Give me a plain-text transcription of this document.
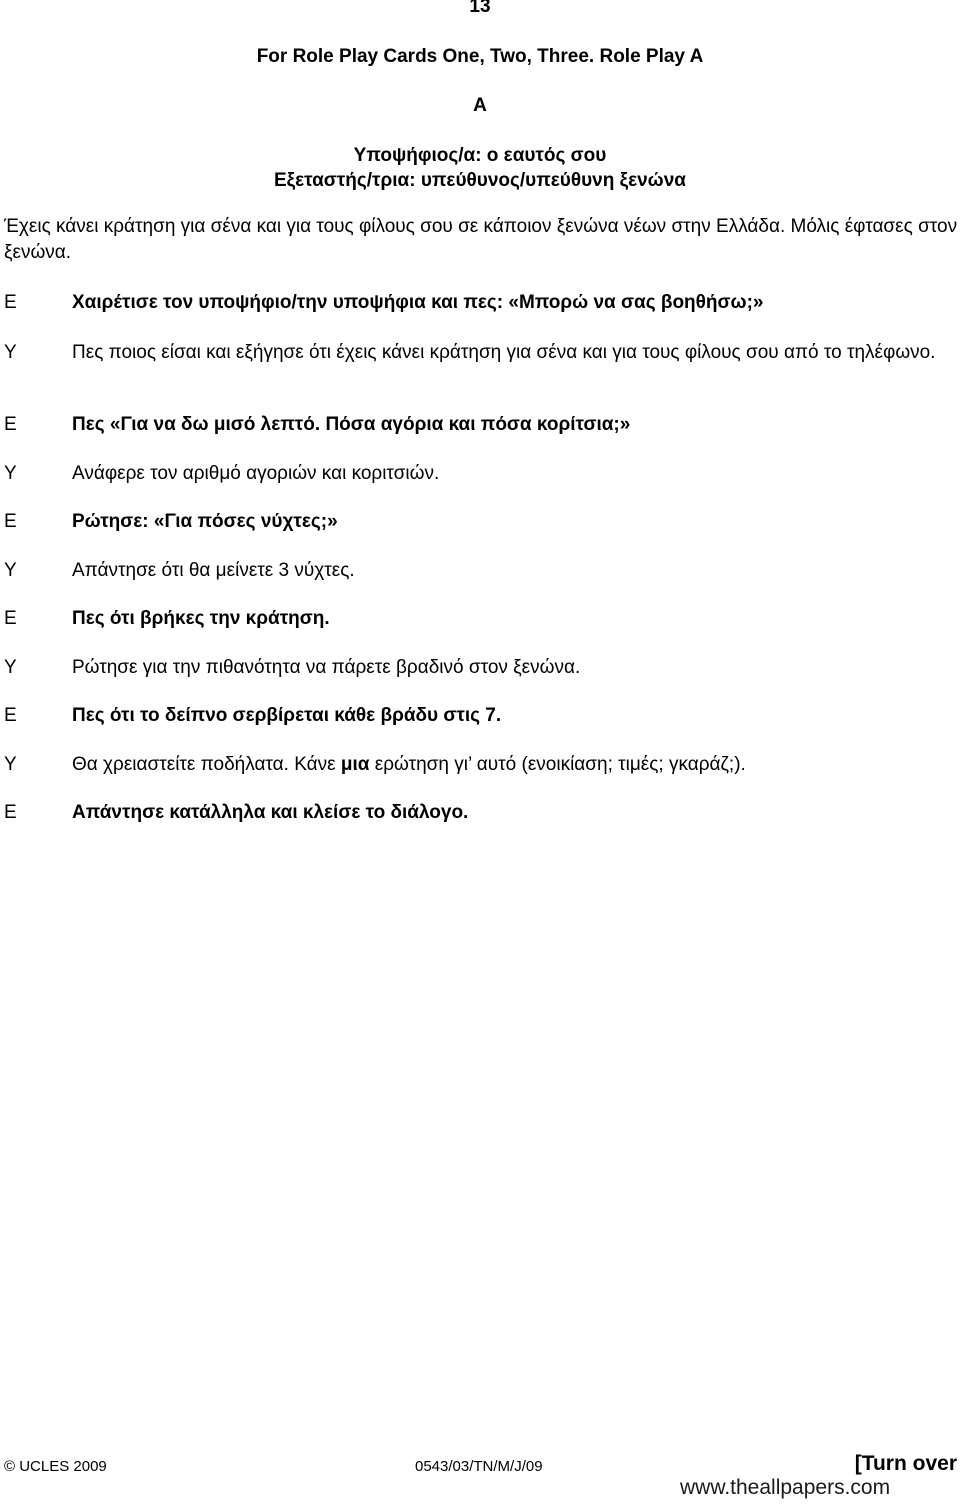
13
For Role Play Cards One, Two, Three. Role Play A
A
Υποψήφιος/α: ο εαυτός σου
Εξεταστής/τρια: υπεύθυνος/υπεύθυνη ξενώνα
Έχεις κάνει κράτηση για σένα και για τους φίλους σου σε κάποιον ξενώνα νέων στην Ελλάδα. Μόλις έφτασες στον ξενώνα.
E	Χαιρέτισε τον υποψήφιο/την υποψήφια και πες: «Μπορώ να σας βοηθήσω;»
Y	Πες ποιος είσαι και εξήγησε ότι έχεις κάνει κράτηση για σένα και για τους φίλους σου από το τηλέφωνο.
E	Πες «Για να δω μισό λεπτό. Πόσα αγόρια και πόσα κορίτσια;»
Y	Ανάφερε τον αριθμό αγοριών και κοριτσιών.
E	Ρώτησε: «Για πόσες νύχτες;»
Y	Απάντησε ότι θα μείνετε 3 νύχτες.
E	Πες ότι βρήκες την κράτηση.
Y	Ρώτησε για την πιθανότητα να πάρετε βραδινό στον ξενώνα.
E	Πες ότι το δείπνο σερβίρεται κάθε βράδυ στις 7.
Y	Θα χρειαστείτε ποδήλατα. Κάνε μια ερώτηση γι’ αυτό (ενοικίαση; τιμές; γκαράζ;).
E	Απάντησε κατάλληλα και κλείσε το διάλογο.
© UCLES 2009	0543/03/TN/M/J/09	[Turn over
www.theallpapers.com
